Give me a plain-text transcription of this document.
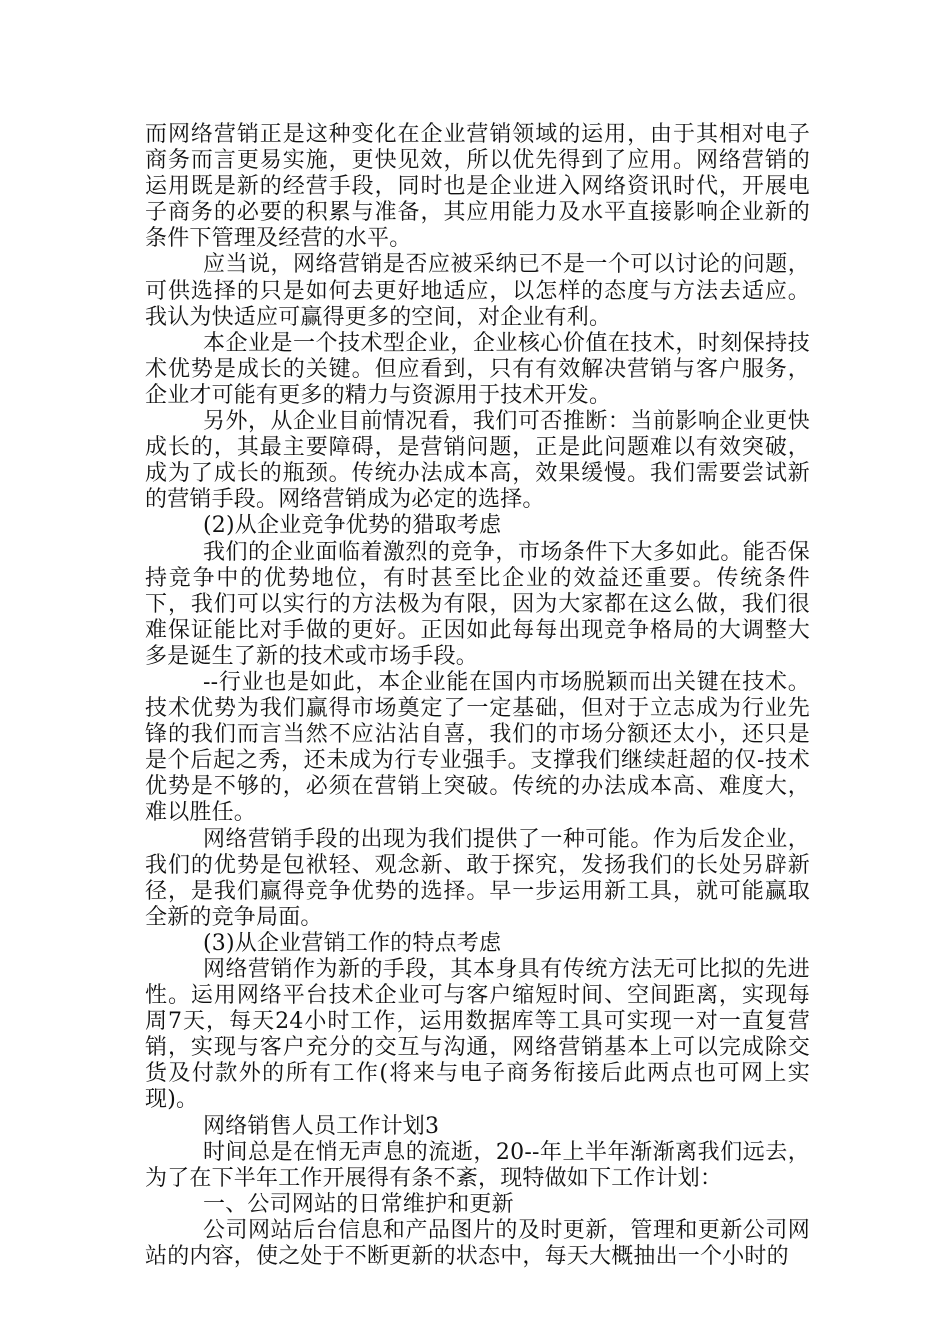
而网络营销正是这种变化在企业营销领域的运用，由于其相对电子商务而言更易实施，更快见效，所以优先得到了应用。网络营销的运用既是新的经营手段，同时也是企业进入网络资讯时代，开展电子商务的必要的积累与准备，其应用能力及水平直接影响企业新的条件下管理及经营的水平。

应当说，网络营销是否应被采纳已不是一个可以讨论的问题，可供选择的只是如何去更好地适应，以怎样的态度与方法去适应。我认为快适应可赢得更多的空间，对企业有利。

本企业是一个技术型企业，企业核心价值在技术，时刻保持技术优势是成长的关键。但应看到，只有有效解决营销与客户服务，企业才可能有更多的精力与资源用于技术开发。

另外，从企业目前情况看，我们可否推断：当前影响企业更快成长的，其最主要障碍，是营销问题，正是此问题难以有效突破，成为了成长的瓶颈。传统办法成本高，效果缓慢。我们需要尝试新的营销手段。网络营销成为必定的选择。

(2)从企业竞争优势的猎取考虑

我们的企业面临着激烈的竞争，市场条件下大多如此。能否保持竞争中的优势地位，有时甚至比企业的效益还重要。传统条件下，我们可以实行的方法极为有限，因为大家都在这么做，我们很难保证能比对手做的更好。正因如此每每出现竞争格局的大调整大多是诞生了新的技术或市场手段。

--行业也是如此，本企业能在国内市场脱颖而出关键在技术。技术优势为我们赢得市场奠定了一定基础，但对于立志成为行业先锋的我们而言当然不应沾沾自喜，我们的市场分额还太小，还只是是个后起之秀，还未成为行专业强手。支撑我们继续赶超的仅-技术优势是不够的，必须在营销上突破。传统的办法成本高、难度大，难以胜任。

网络营销手段的出现为我们提供了一种可能。作为后发企业，我们的优势是包袱轻、观念新、敢于探究，发扬我们的长处另辟新径，是我们赢得竞争优势的选择。早一步运用新工具，就可能赢取全新的竞争局面。

(3)从企业营销工作的特点考虑

网络营销作为新的手段，其本身具有传统方法无可比拟的先进性。运用网络平台技术企业可与客户缩短时间、空间距离，实现每周7天，每天24小时工作，运用数据库等工具可实现一对一直复营销，实现与客户充分的交互与沟通，网络营销基本上可以完成除交货及付款外的所有工作(将来与电子商务衔接后此两点也可网上实现)。

网络销售人员工作计划3

时间总是在悄无声息的流逝，20--年上半年渐渐离我们远去，为了在下半年工作开展得有条不紊，现特做如下工作计划：

一、公司网站的日常维护和更新

公司网站后台信息和产品图片的及时更新，管理和更新公司网站的内容，使之处于不断更新的状态中，每天大概抽出一个小时的
